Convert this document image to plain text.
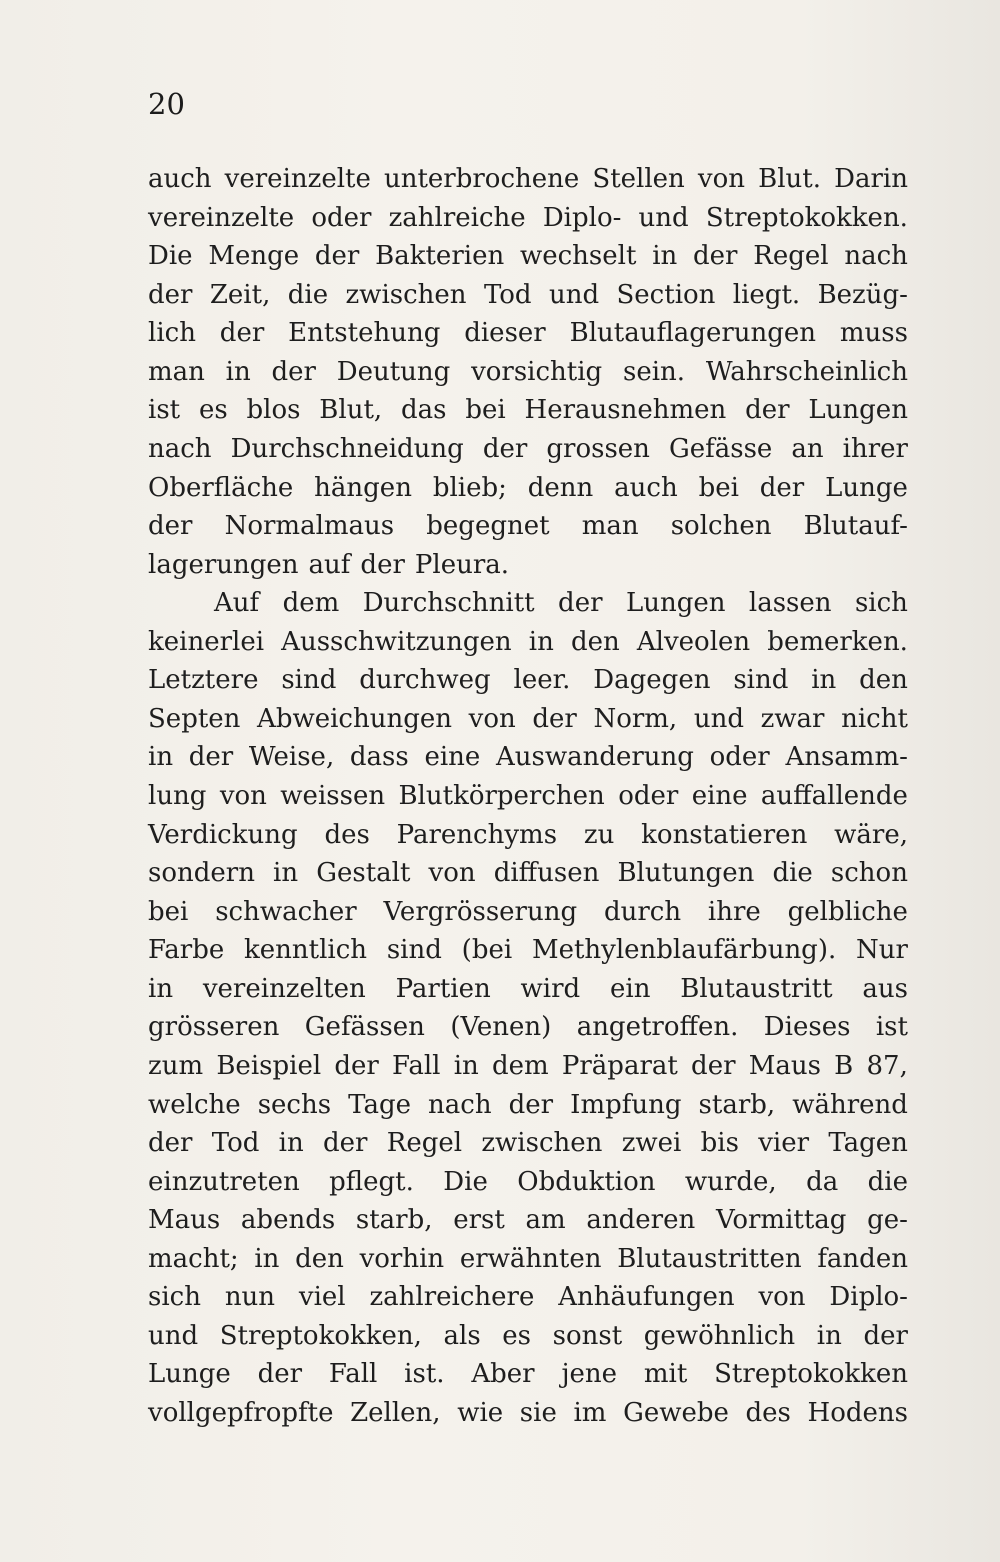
20
auch vereinzelte unterbrochene Stellen von Blut. Darin
vereinzelte oder zahlreiche Diplo- und Streptokokken.
Die Menge der Bakterien wechselt in der Regel nach
der Zeit, die zwischen Tod und Section liegt. Bezüg-
lich der Entstehung dieser Blutauflagerungen muss
man in der Deutung vorsichtig sein. Wahrscheinlich
ist es blos Blut, das bei Herausnehmen der Lungen
nach Durchschneidung der grossen Gefässe an ihrer
Oberfläche hängen blieb; denn auch bei der Lunge
der Normalmaus begegnet man solchen Blutauf-
lagerungen auf der Pleura.
Auf dem Durchschnitt der Lungen lassen sich
keinerlei Ausschwitzungen in den Alveolen bemerken.
Letztere sind durchweg leer. Dagegen sind in den
Septen Abweichungen von der Norm, und zwar nicht
in der Weise, dass eine Auswanderung oder Ansamm-
lung von weissen Blutkörperchen oder eine auffallende
Verdickung des Parenchyms zu konstatieren wäre,
sondern in Gestalt von diffusen Blutungen die schon
bei schwacher Vergrösserung durch ihre gelbliche
Farbe kenntlich sind (bei Methylenblaufärbung). Nur
in vereinzelten Partien wird ein Blutaustritt aus
grösseren Gefässen (Venen) angetroffen. Dieses ist
zum Beispiel der Fall in dem Präparat der Maus B 87,
welche sechs Tage nach der Impfung starb, während
der Tod in der Regel zwischen zwei bis vier Tagen
einzutreten pflegt. Die Obduktion wurde, da die
Maus abends starb, erst am anderen Vormittag ge-
macht; in den vorhin erwähnten Blutaustritten fanden
sich nun viel zahlreichere Anhäufungen von Diplo-
und Streptokokken, als es sonst gewöhnlich in der
Lunge der Fall ist. Aber jene mit Streptokokken
vollgepfropfte Zellen, wie sie im Gewebe des Hodens
